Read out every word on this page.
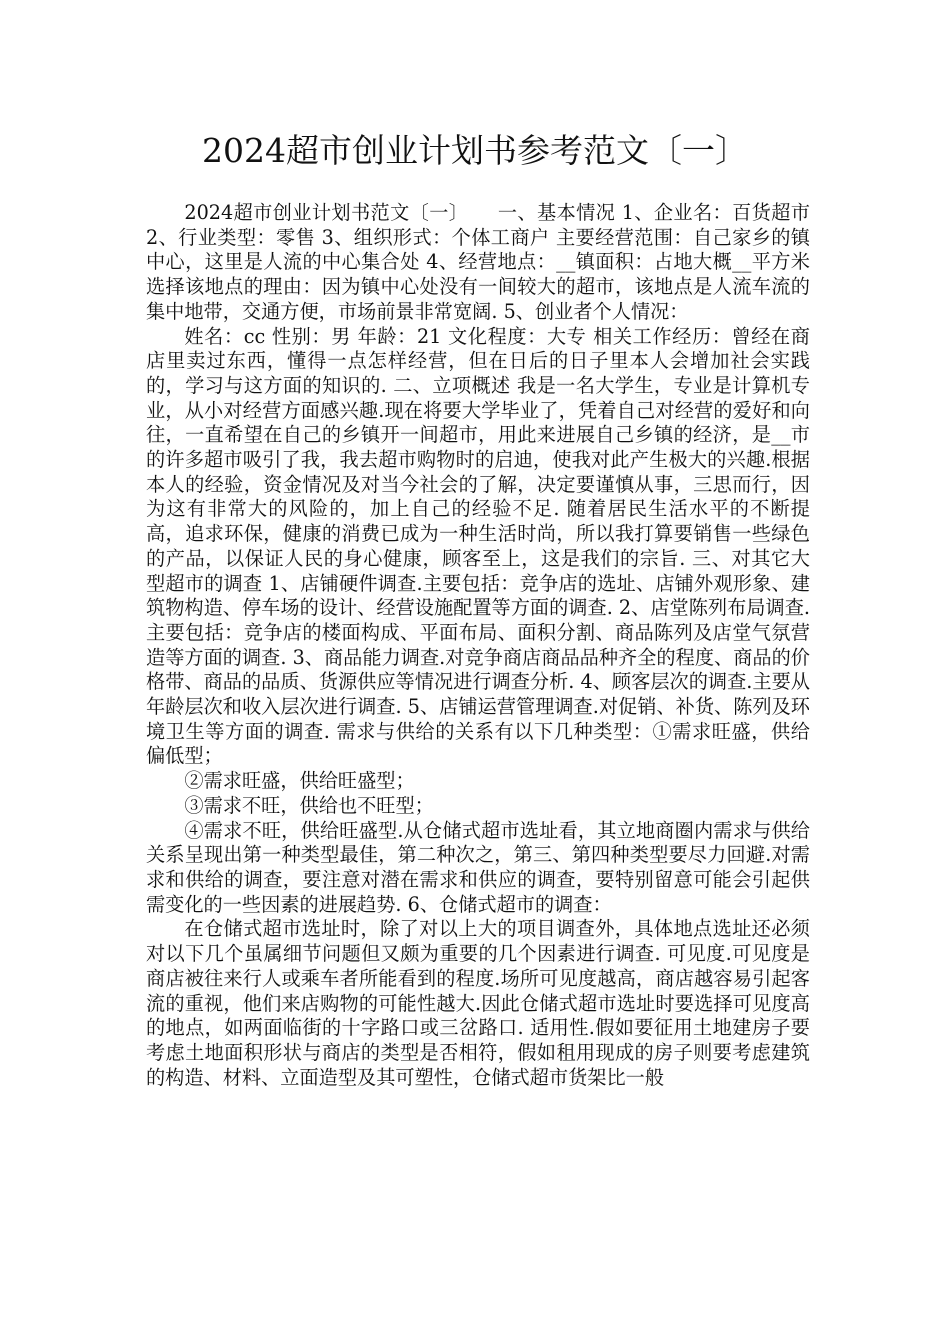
2024超市创业计划书参考范文〔一〕

2024超市创业计划书范文〔一〕　　一、基本情况 1、企业名：百货超市 2、行业类型：零售 3、组织形式：个体工商户 主要经营范围：自己家乡的镇中心，这里是人流的中心集合处 4、经营地点：__镇面积：占地大概__平方米 选择该地点的理由：因为镇中心处没有一间较大的超市，该地点是人流车流的集中地带，交通方便，市场前景非常宽阔. 5、创业者个人情况：

姓名：cc 性别：男 年龄：21 文化程度：大专 相关工作经历：曾经在商店里卖过东西，懂得一点怎样经营，但在日后的日子里本人会增加社会实践的，学习与这方面的知识的. 二、立项概述 我是一名大学生，专业是计算机专业，从小对经营方面感兴趣.现在将要大学毕业了，凭着自己对经营的爱好和向往，一直希望在自己的乡镇开一间超市，用此来进展自己乡镇的经济，是__市的许多超市吸引了我，我去超市购物时的启迪，使我对此产生极大的兴趣.根据本人的经验，资金情况及对当今社会的了解，决定要谨慎从事，三思而行，因为这有非常大的风险的，加上自己的经验不足. 随着居民生活水平的不断提高，追求环保，健康的消费已成为一种生活时尚，所以我打算要销售一些绿色的产品，以保证人民的身心健康，顾客至上，这是我们的宗旨. 三、对其它大型超市的调查 1、店铺硬件调查.主要包括：竞争店的选址、店铺外观形象、建筑物构造、停车场的设计、经营设施配置等方面的调查. 2、店堂陈列布局调查.主要包括：竞争店的楼面构成、平面布局、面积分割、商品陈列及店堂气氛营造等方面的调查. 3、商品能力调查.对竞争商店商品品种齐全的程度、商品的价格带、商品的品质、货源供应等情况进行调查分析. 4、顾客层次的调查.主要从年龄层次和收入层次进行调查. 5、店铺运营管理调查.对促销、补货、陈列及环境卫生等方面的调查. 需求与供给的关系有以下几种类型：①需求旺盛，供给偏低型；

②需求旺盛，供给旺盛型；

③需求不旺，供给也不旺型；

④需求不旺，供给旺盛型.从仓储式超市选址看，其立地商圈内需求与供给关系呈现出第一种类型最佳，第二种次之，第三、第四种类型要尽力回避.对需求和供给的调查，要注意对潜在需求和供应的调查，要特别留意可能会引起供需变化的一些因素的进展趋势. 6、仓储式超市的调查：

在仓储式超市选址时，除了对以上大的项目调查外，具体地点选址还必须对以下几个虽属细节问题但又颇为重要的几个因素进行调查. 可见度.可见度是商店被往来行人或乘车者所能看到的程度.场所可见度越高，商店越容易引起客流的重视，他们来店购物的可能性越大.因此仓储式超市选址时要选择可见度高的地点，如两面临街的十字路口或三岔路口. 适用性.假如要征用土地建房子要考虑土地面积形状与商店的类型是否相符，假如租用现成的房子则要考虑建筑的构造、材料、立面造型及其可塑性，仓储式超市货架比一般
